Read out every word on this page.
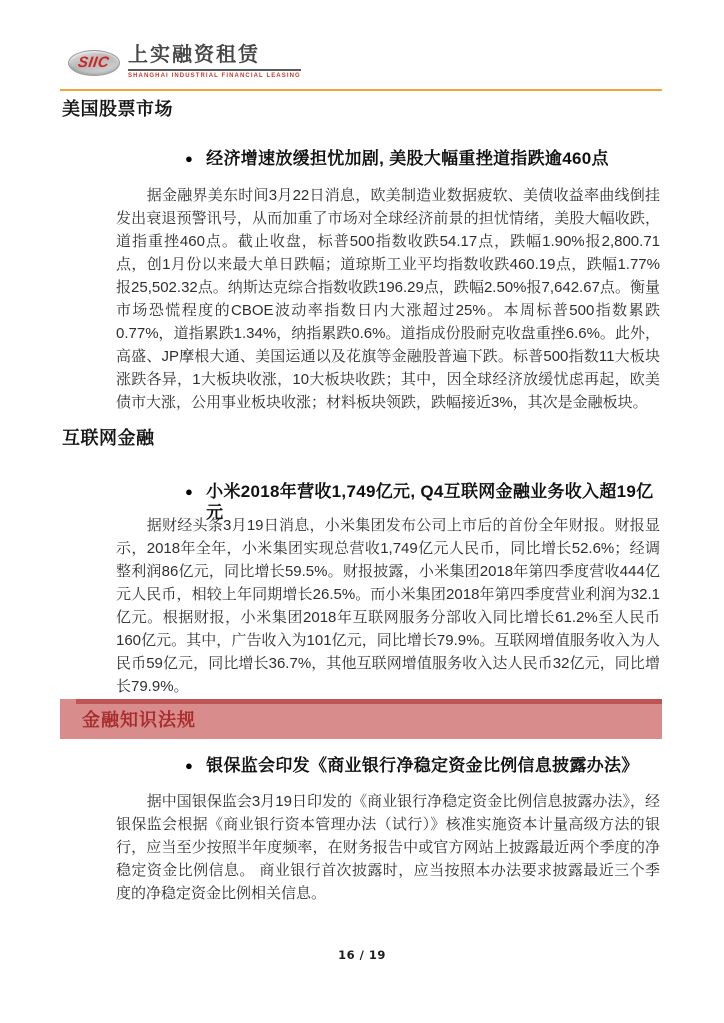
SIIC 上实融资租赁
SHANGHAI INDUSTRIAL FINANCIAL LEASING
美国股票市场
● 经济增速放缓担忧加剧, 美股大幅重挫道指跌逾460点

据金融界美东时间3月22日消息，欧美制造业数据疲软、美债收益率曲线倒挂发出衰退预警讯号，从而加重了市场对全球经济前景的担忧情绪，美股大幅收跌，道指重挫460点。截止收盘，标普500指数收跌54.17点，跌幅1.90%报2,800.71点，创1月份以来最大单日跌幅；道琼斯工业平均指数收跌460.19点，跌幅1.77%报25,502.32点。纳斯达克综合指数收跌196.29点，跌幅2.50%报7,642.67点。衡量市场恐慌程度的CBOE波动率指数日内大涨超过25%。本周标普500指数累跌0.77%，道指累跌1.34%，纳指累跌0.6%。道指成份股耐克收盘重挫6.6%。此外，高盛、JP摩根大通、美国运通以及花旗等金融股普遍下跌。标普500指数11大板块涨跌各异，1大板块收涨，10大板块收跌；其中，因全球经济放缓忧虑再起，欧美债市大涨，公用事业板块收涨；材料板块领跌，跌幅接近3%，其次是金融板块。

互联网金融
● 小米2018年营收1,749亿元, Q4互联网金融业务收入超19亿元

据财经头条3月19日消息，小米集团发布公司上市后的首份全年财报。财报显示，2018年全年，小米集团实现总营收1,749亿元人民币，同比增长52.6%；经调整利润86亿元，同比增长59.5%。财报披露，小米集团2018年第四季度营收444亿元人民币，相较上年同期增长26.5%。而小米集团2018年第四季度营业利润为32.1亿元。根据财报，小米集团2018年互联网服务分部收入同比增长61.2%至人民币160亿元。其中，广告收入为101亿元，同比增长79.9%。互联网增值服务收入为人民币59亿元，同比增长36.7%，其他互联网增值服务收入达人民币32亿元，同比增长79.9%。

金融知识法规
● 银保监会印发《商业银行净稳定资金比例信息披露办法》

据中国银保监会3月19日印发的《商业银行净稳定资金比例信息披露办法》，经银保监会根据《商业银行资本管理办法（试行）》核准实施资本计量高级方法的银行，应当至少按照半年度频率，在财务报告中或官方网站上披露最近两个季度的净稳定资金比例信息。 商业银行首次披露时，应当按照本办法要求披露最近三个季度的净稳定资金比例相关信息。

16 / 19
